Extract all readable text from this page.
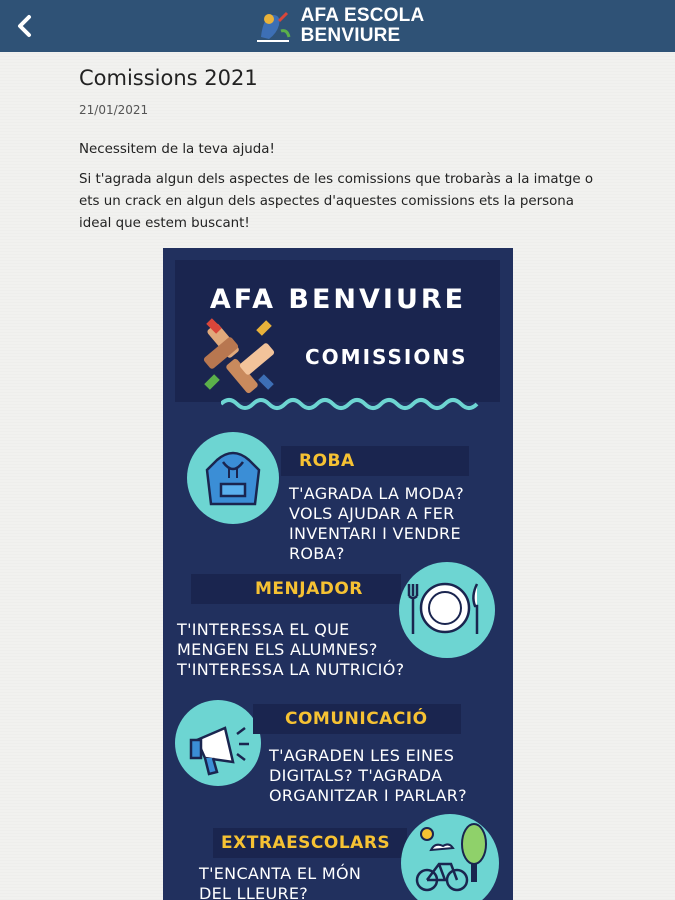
AFA ESCOLA
BENVIURE
Comissions 2021
21/01/2021

Necessitem de la teva ajuda!

Si t'agrada algun dels aspectes de les comissions que trobaràs a la imatge o ets un crack en algun dels aspectes d'aquestes comissions ets la persona ideal que estem buscant!

AFA BENVIURE
COMISSIONS
ROBA
T'AGRADA LA MODA?
VOLS AJUDAR A FER
INVENTARI I VENDRE
ROBA?
MENJADOR
T'INTERESSA EL QUE
MENGEN ELS ALUMNES?
T'INTERESSA LA NUTRICIÓ?
COMUNICACIÓ
T'AGRADEN LES EINES
DIGITALS? T'AGRADA
ORGANITZAR I PARLAR?
EXTRAESCOLARS
T'ENCANTA EL MÓN
DEL LLEURE?
